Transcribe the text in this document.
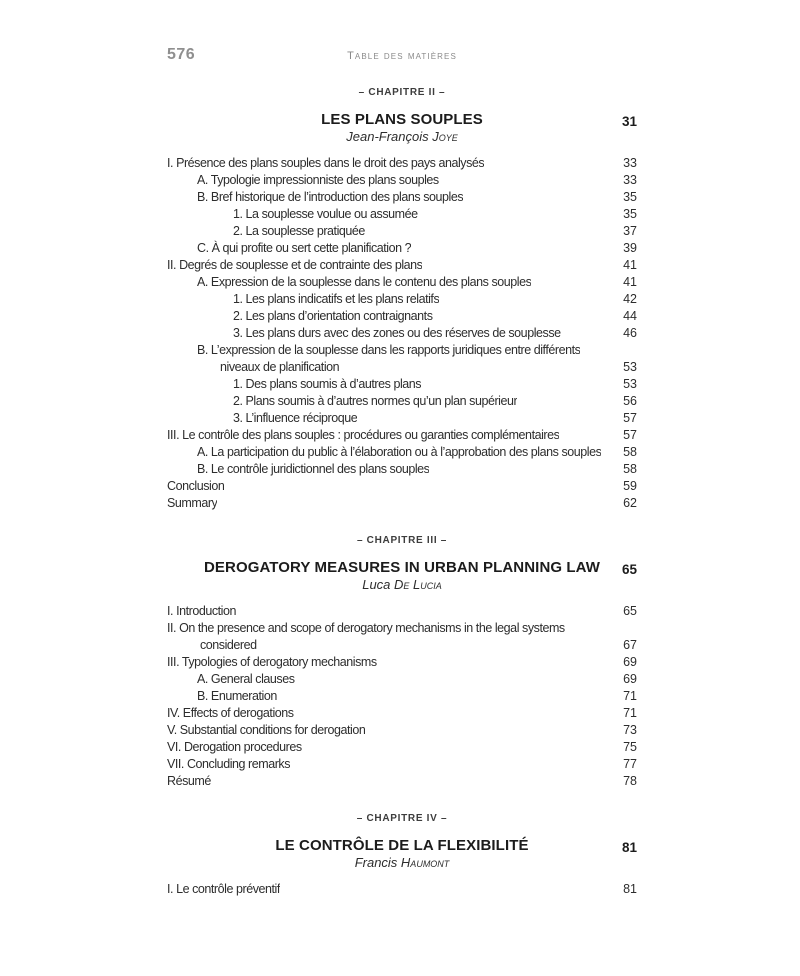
576	Table des matières
– CHAPITRE II –
LES PLANS SOUPLES	31
Jean-François Joye
I. Présence des plans souples dans le droit des pays analysés	33
A. Typologie impressionniste des plans souples	33
B. Bref historique de l’introduction des plans souples	35
1. La souplesse voulue ou assumée	35
2. La souplesse pratiquée	37
C. À qui profite ou sert cette planification ?	39
II. Degrés de souplesse et de contrainte des plans	41
A. Expression de la souplesse dans le contenu des plans souples	41
1. Les plans indicatifs et les plans relatifs	42
2. Les plans d’orientation contraignants	44
3. Les plans durs avec des zones ou des réserves de souplesse	46
B. L’expression de la souplesse dans les rapports juridiques entre différents
niveaux de planification	53
1. Des plans soumis à d’autres plans	53
2. Plans soumis à d’autres normes qu’un plan supérieur	56
3. L’influence réciproque	57
III. Le contrôle des plans souples : procédures ou garanties complémentaires	57
A. La participation du public à l’élaboration ou à l’approbation des plans souples	58
B. Le contrôle juridictionnel des plans souples	58
Conclusion	59
Summary	62
– CHAPITRE III –
DEROGATORY MEASURES IN URBAN PLANNING LAW 65
Luca De Lucia
I. Introduction	65
II. On the presence and scope of derogatory mechanisms in the legal systems
considered	67
III. Typologies of derogatory mechanisms	69
A. General clauses	69
B. Enumeration	71
IV. Effects of derogations	71
V. Substantial conditions for derogation	73
VI. Derogation procedures	75
VII. Concluding remarks	77
Résumé	78
– CHAPITRE IV –
LE CONTRÔLE DE LA FLEXIBILITÉ	81
Francis Haumont
I. Le contrôle préventif	81
